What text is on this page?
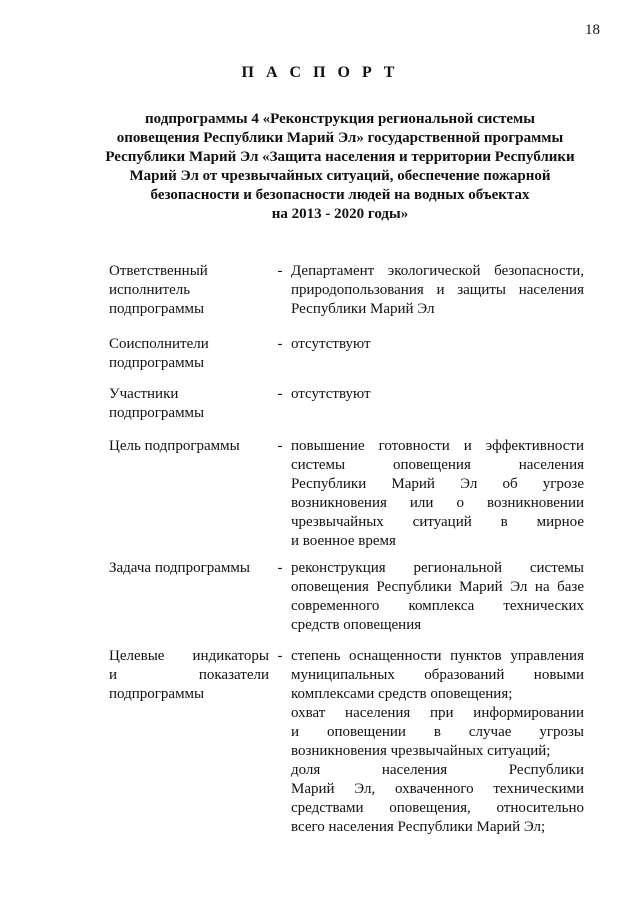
18
П А С П О Р Т
подпрограммы 4 «Реконструкция региональной системы
оповещения Республики Марий Эл» государственной программы
Республики Марий Эл «Защита населения и территории Республики
Марий Эл от чрезвычайных ситуаций, обеспечение пожарной
безопасности и безопасности людей на водных объектах
на 2013 - 2020 годы»
Ответственный
исполнитель
подпрограммы
- Департамент экологической безопасности,
природопользования и защиты населения
Республики Марий Эл
Соисполнители
подпрограммы
- отсутствуют
Участники
подпрограммы
- отсутствуют
Цель подпрограммы	- повышение готовности и эффективности
системы оповещения населения
Республики Марий Эл об угрозе
возникновения или о возникновении
чрезвычайных ситуаций в мирное
и военное время
Задача подпрограммы	- реконструкция региональной системы
оповещения Республики Марий Эл на базе
современного комплекса технических
средств оповещения
Целевые индикаторы
и показатели
подпрограммы
- степень оснащенности пунктов управления
муниципальных образований новыми
комплексами средств оповещения;
охват населения при информировании
и оповещении в случае угрозы
возникновения чрезвычайных ситуаций;
доля населения Республики
Марий Эл, охваченного техническими
средствами оповещения, относительно
всего населения Республики Марий Эл;
